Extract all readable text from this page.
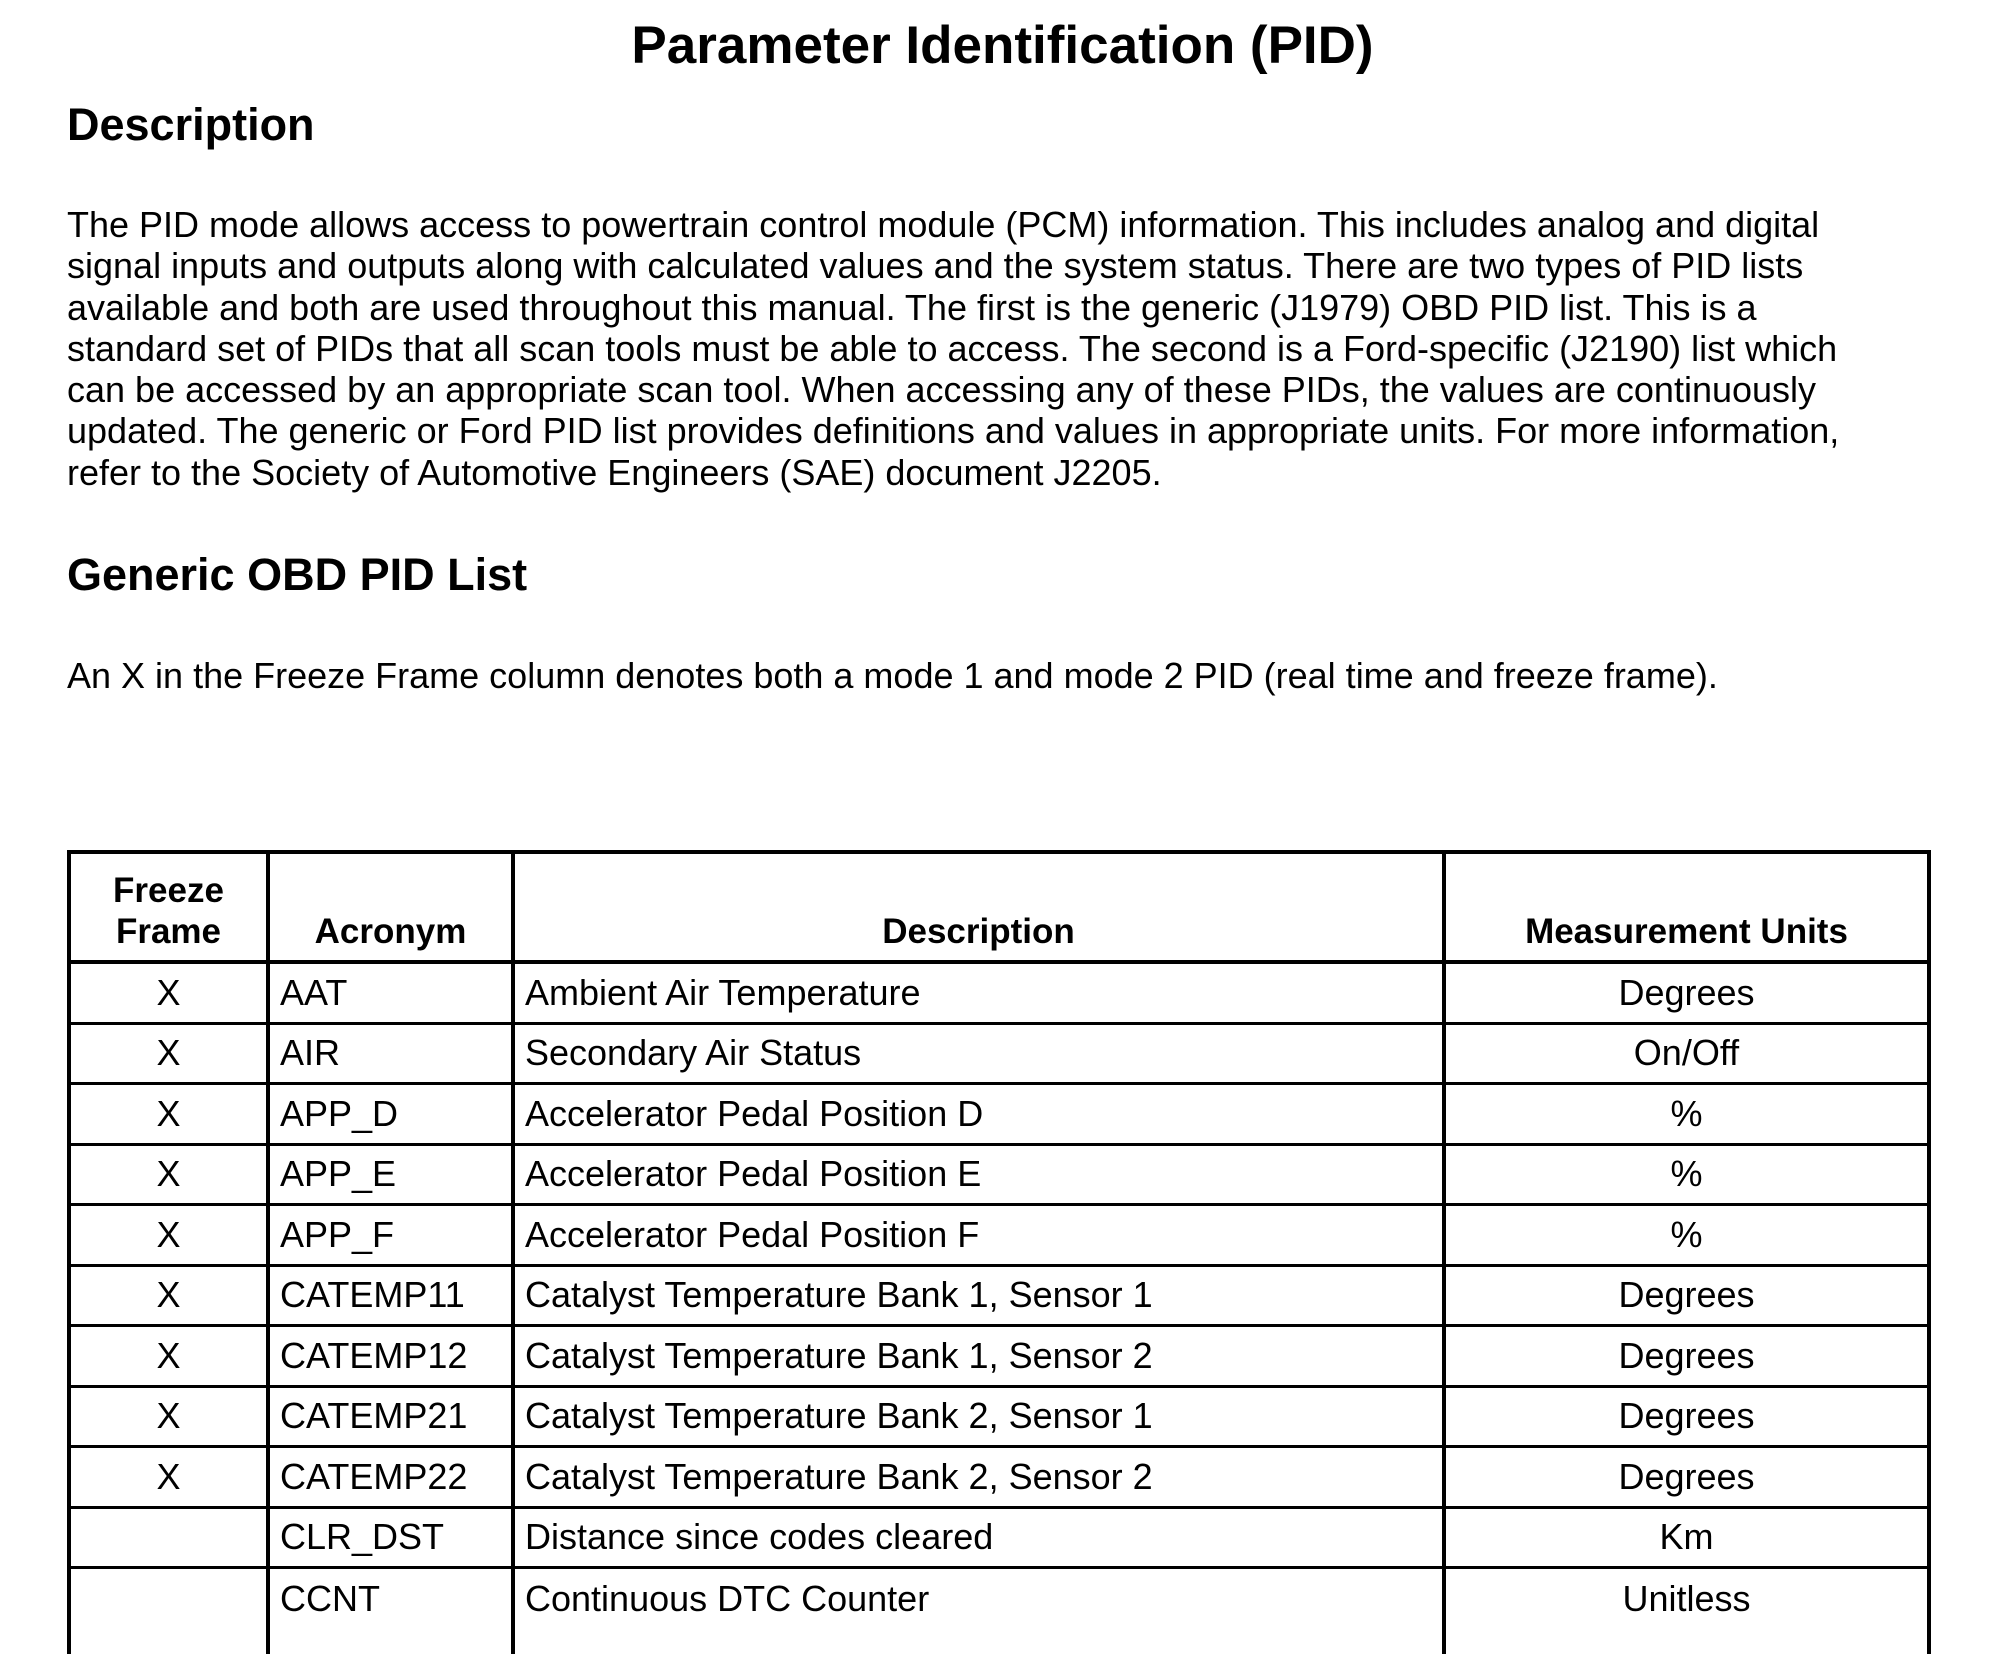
Parameter Identification (PID)
Description

The PID mode allows access to powertrain control module (PCM) information. This includes analog and digital
signal inputs and outputs along with calculated values and the system status. There are two types of PID lists
available and both are used throughout this manual. The first is the generic (J1979) OBD PID list. This is a
standard set of PIDs that all scan tools must be able to access. The second is a Ford-specific (J2190) list which
can be accessed by an appropriate scan tool. When accessing any of these PIDs, the values are continuously
updated. The generic or Ford PID list provides definitions and values in appropriate units. For more information,
refer to the Society of Automotive Engineers (SAE) document J2205.

Generic OBD PID List

An X in the Freeze Frame column denotes both a mode 1 and mode 2 PID (real time and freeze frame).

Freeze
Frame	Acronym	Description	Measurement Units
X	AAT	Ambient Air Temperature	Degrees
X	AIR	Secondary Air Status	On/Off
X	APP_D	Accelerator Pedal Position D	%
X	APP_E	Accelerator Pedal Position E	%
X	APP_F	Accelerator Pedal Position F	%
X	CATEMP11	Catalyst Temperature Bank 1, Sensor 1	Degrees
X	CATEMP12	Catalyst Temperature Bank 1, Sensor 2	Degrees
X	CATEMP21	Catalyst Temperature Bank 2, Sensor 1	Degrees
X	CATEMP22	Catalyst Temperature Bank 2, Sensor 2	Degrees
	CLR_DST	Distance since codes cleared	Km
	CCNT	Continuous DTC Counter	Unitless
